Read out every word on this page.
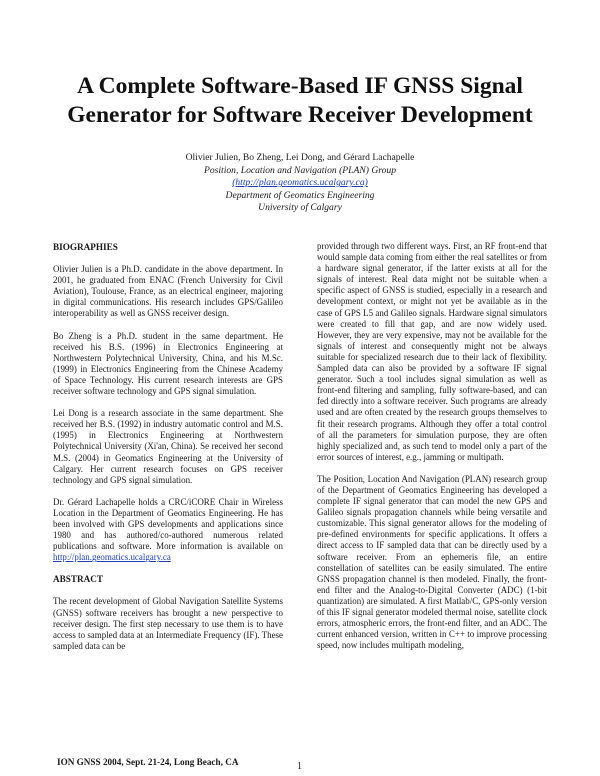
A Complete Software-Based IF GNSS Signal
Generator for Software Receiver Development
Olivier Julien, Bo Zheng, Lei Dong, and Gérard Lachapelle
Position, Location and Navigation (PLAN) Group
(http://plan.geomatics.ucalgary.ca)
Department of Geomatics Engineering
University of Calgary
BIOGRAPHIES

Olivier Julien is a Ph.D. candidate in the above department. In 2001, he graduated from ENAC (French University for Civil Aviation), Toulouse, France, as an electrical engineer, majoring in digital communications. His research includes GPS/Galileo interoperability as well as GNSS receiver design.

Bo Zheng is a Ph.D. student in the same department. He received his B.S. (1996) in Electronics Engineering at Northwestern Polytechnical University, China, and his M.Sc. (1999) in Electronics Engineering from the Chinese Academy of Space Technology. His current research interests are GPS receiver software technology and GPS signal simulation.

Lei Dong is a research associate in the same department. She received her B.S. (1992) in industry automatic control and M.S. (1995) in Electronics Engineering at Northwestern Polytechnical University (Xi'an, China). Se received her second M.S. (2004) in Geomatics Engineering at the University of Calgary. Her current research focuses on GPS receiver technology and GPS signal simulation.

Dr. Gérard Lachapelle holds a CRC/iCORE Chair in Wireless Location in the Department of Geomatics Engineering. He has been involved with GPS developments and applications since 1980 and has authored/co-authored numerous related publications and software. More information is available on http://plan.geomatics.ucalgary.ca

ABSTRACT

The recent development of Global Navigation Satellite Systems (GNSS) software receivers has brought a new perspective to receiver design. The first step necessary to use them is to have access to sampled data at an Intermediate Frequency (IF). These sampled data can be

provided through two different ways. First, an RF front-end that would sample data coming from either the real satellites or from a hardware signal generator, if the latter exists at all for the signals of interest. Real data might not be suitable when a specific aspect of GNSS is studied, especially in a research and development context, or might not yet be available as in the case of GPS L5 and Galileo signals. Hardware signal simulators were created to fill that gap, and are now widely used. However, they are very expensive, may not be available for the signals of interest and consequently might not be always suitable for specialized research due to their lack of flexibility. Sampled data can also be provided by a software IF signal generator. Such a tool includes signal simulation as well as front-end filtering and sampling, fully software-based, and can fed directly into a software receiver. Such programs are already used and are often created by the research groups themselves to fit their research programs. Although they offer a total control of all the parameters for simulation purpose, they are often highly specialized and, as such tend to model only a part of the error sources of interest, e.g., jamming or multipath.

The Position, Location And Navigation (PLAN) research group of the Department of Geomatics Engineering has developed a complete IF signal generator that can model the new GPS and Galileo signals propagation channels while being versatile and customizable. This signal generator allows for the modeling of pre-defined environments for specific applications. It offers a direct access to IF sampled data that can be directly used by a software receiver. From an ephemeris file, an entire constellation of satellites can be easily simulated. The entire GNSS propagation channel is then modeled. Finally, the front-end filter and the Analog-to-Digital Converter (ADC) (1-bit quantization) are simulated. A first Matlab/C, GPS-only version of this IF signal generator modeled thermal noise, satellite clock errors, atmospheric errors, the front-end filter, and an ADC. The current enhanced version, written in C++ to improve processing speed, now includes multipath modeling,

ION GNSS 2004, Sept. 21-24, Long Beach, CA	1
